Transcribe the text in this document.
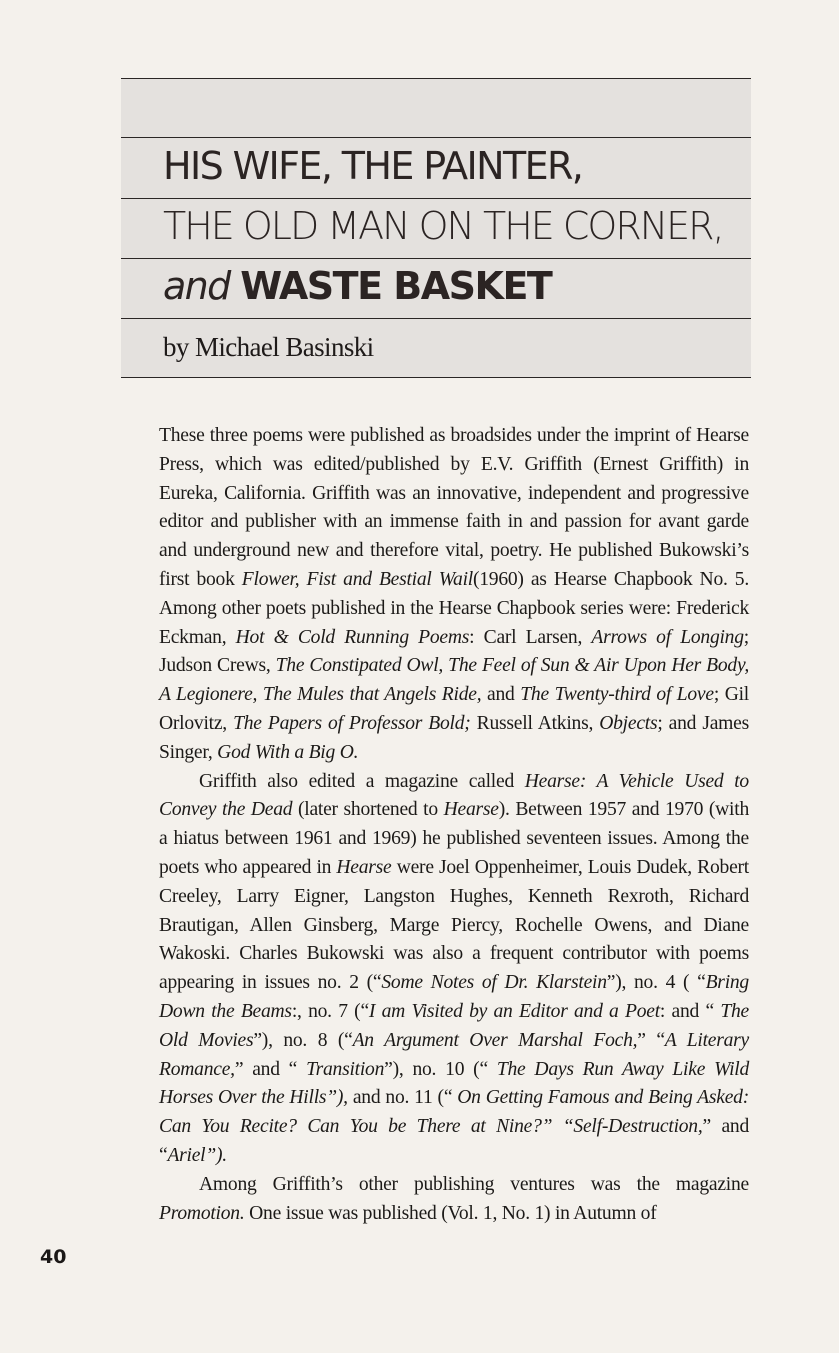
HIS WIFE, THE PAINTER,
THE OLD MAN ON THE CORNER,
and WASTE BASKET
by Michael Basinski

These three poems were published as broadsides under the imprint of Hearse Press, which was edited/published by E.V. Griffith (Ernest Griffith) in Eureka, California. Griffith was an innovative, independent and progressive editor and publisher with an immense faith in and passion for avant garde and underground new and therefore vital, poetry. He published Bukowski’s first book Flower, Fist and Bestial Wail(1960) as Hearse Chapbook No. 5. Among other poets published in the Hearse Chapbook series were: Frederick Eckman, Hot & Cold Running Poems: Carl Larsen, Arrows of Longing; Judson Crews, The Constipated Owl, The Feel of Sun & Air Upon Her Body, A Legionere, The Mules that Angels Ride, and The Twenty-third of Love; Gil Orlovitz, The Papers of Professor Bold; Russell Atkins, Objects; and James Singer, God With a Big O.

Griffith also edited a magazine called Hearse: A Vehicle Used to Convey the Dead (later shortened to Hearse). Between 1957 and 1970 (with a hiatus between 1961 and 1969) he published seventeen issues. Among the poets who appeared in Hearse were Joel Oppenheimer, Louis Dudek, Robert Creeley, Larry Eigner, Langston Hughes, Kenneth Rexroth, Richard Brautigan, Allen Ginsberg, Marge Piercy, Rochelle Owens, and Diane Wakoski. Charles Bukowski was also a frequent contributor with poems appearing in issues no. 2 (“Some Notes of Dr. Klarstein”), no. 4 ( “Bring Down the Beams:, no. 7 (“I am Visited by an Editor and a Poet: and “ The Old Movies”), no. 8 (“An Argument Over Marshal Foch,” “A Literary Romance,” and “ Transition”), no. 10 (“ The Days Run Away Like Wild Horses Over the Hills”), and no. 11 (“ On Getting Famous and Being Asked: Can You Recite? Can You be There at Nine?” “Self-Destruction,” and “Ariel”).

Among Griffith’s other publishing ventures was the magazine Promotion. One issue was published (Vol. 1, No. 1) in Autumn of

40
